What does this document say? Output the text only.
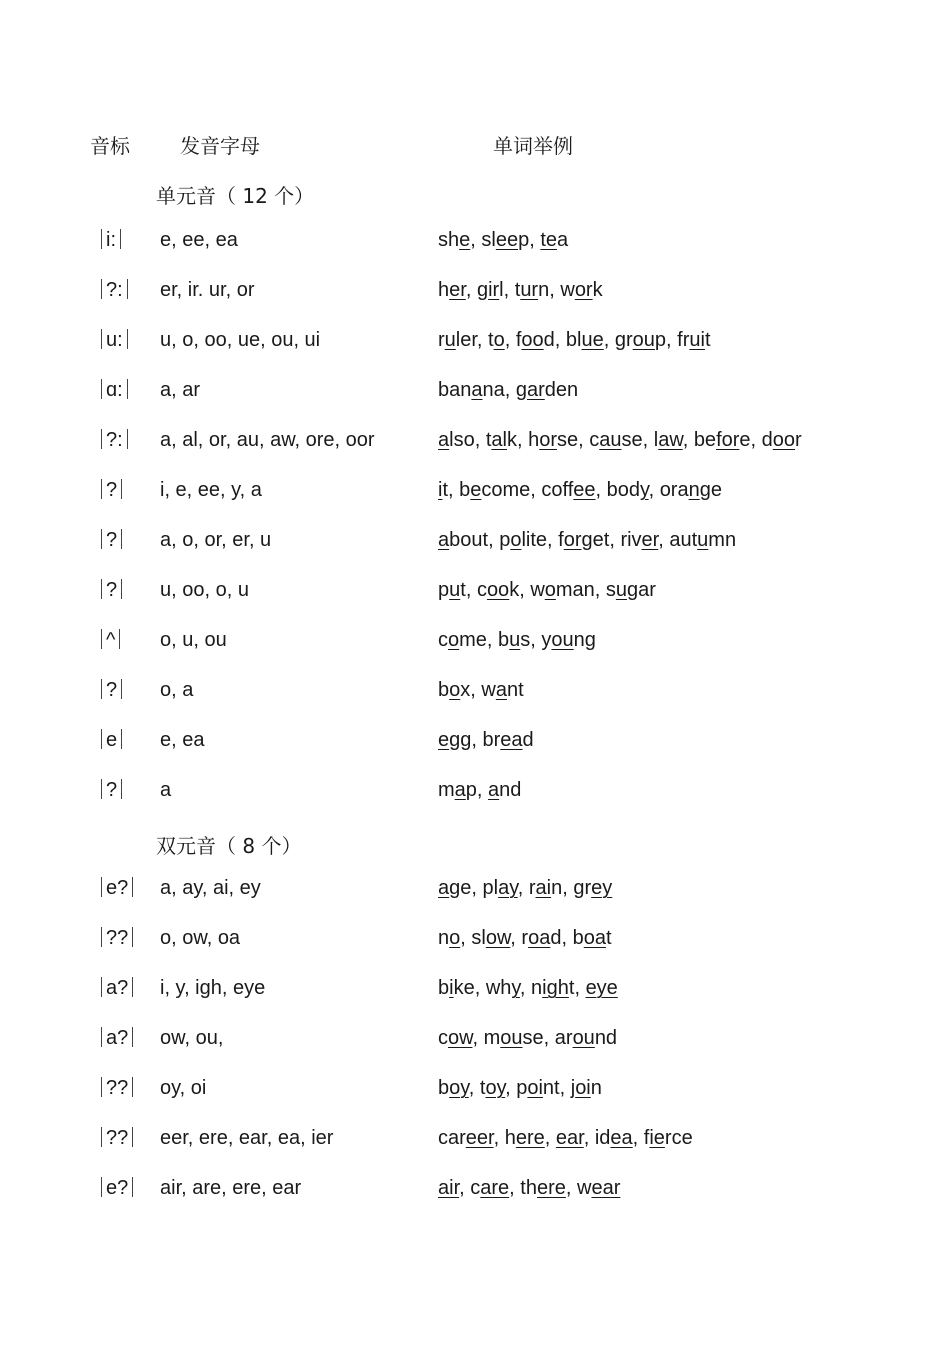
音标	发音字母	单词举例
单元音（ 12 个）
i:	e, ee, ea	she, sleep, tea
?:	er, ir. ur, or	her, girl, turn, work
u:	u, o, oo, ue, ou, ui	ruler, to, food, blue, group, fruit
ɑ:	a, ar	banana, garden
?:	a, al, or, au, aw, ore, oor	also, talk, horse, cause, law, before, door
?	i, e, ee, y, a	it, become, coffee, body, orange
?	a, o, or, er, u	about, polite, forget, river, autumn
?	u, oo, o, u	put, cook, woman, sugar
^	o, u, ou	come, bus, young
?	o, a	box, want
e	e, ea	egg, bread
?	a	map, and
双元音（ 8 个）
e?	a, ay, ai, ey	age, play, rain, grey
??	o, ow, oa	no, slow, road, boat
a?	i, y, igh, eye	bike, why, night, eye
a?	ow, ou,	cow, mouse, around
??	oy, oi	boy, toy, point, join
??	eer, ere, ear, ea, ier	career, here, ear, idea, fierce
e?	air, are, ere, ear	air, care, there, wear
